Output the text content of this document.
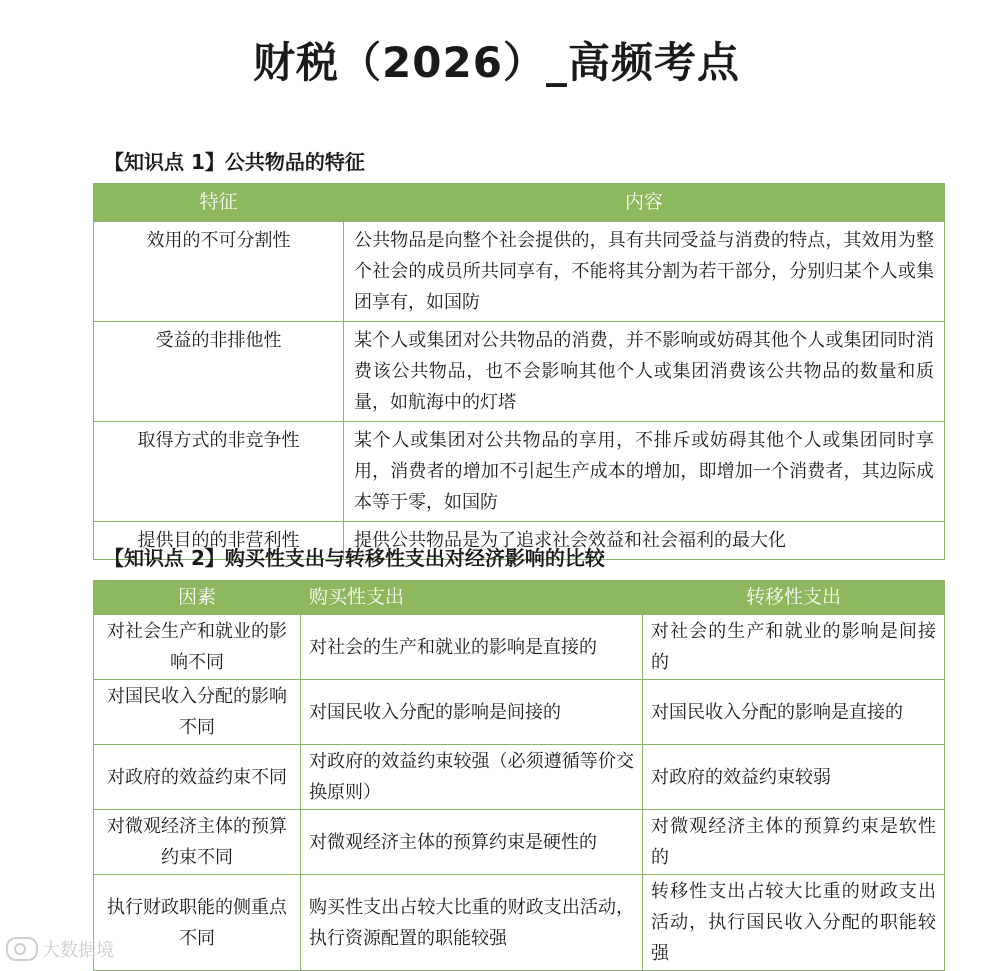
财税（2026）_高频考点
【知识点 1】公共物品的特征
特征	内容
效用的不可分割性	公共物品是向整个社会提供的，具有共同受益与消费的特点，其效用为整个社会的成员所共同享有，不能将其分割为若干部分，分别归某个人或集团享有，如国防
受益的非排他性	某个人或集团对公共物品的消费，并不影响或妨碍其他个人或集团同时消费该公共物品，也不会影响其他个人或集团消费该公共物品的数量和质量，如航海中的灯塔
取得方式的非竞争性	某个人或集团对公共物品的享用，不排斥或妨碍其他个人或集团同时享用，消费者的增加不引起生产成本的增加，即增加一个消费者，其边际成本等于零，如国防
提供目的的非营利性	提供公共物品是为了追求社会效益和社会福利的最大化
【知识点 2】购买性支出与转移性支出对经济影响的比较
因素	购买性支出	转移性支出
对社会生产和就业的影响不同	对社会的生产和就业的影响是直接的	对社会的生产和就业的影响是间接的
对国民收入分配的影响不同	对国民收入分配的影响是间接的	对国民收入分配的影响是直接的
对政府的效益约束不同	对政府的效益约束较强（必须遵循等价交换原则）	对政府的效益约束较弱
对微观经济主体的预算约束不同	对微观经济主体的预算约束是硬性的	对微观经济主体的预算约束是软性的
执行财政职能的侧重点不同	购买性支出占较大比重的财政支出活动，执行资源配置的职能较强	转移性支出占较大比重的财政支出活动，执行国民收入分配的职能较强
大数据境
